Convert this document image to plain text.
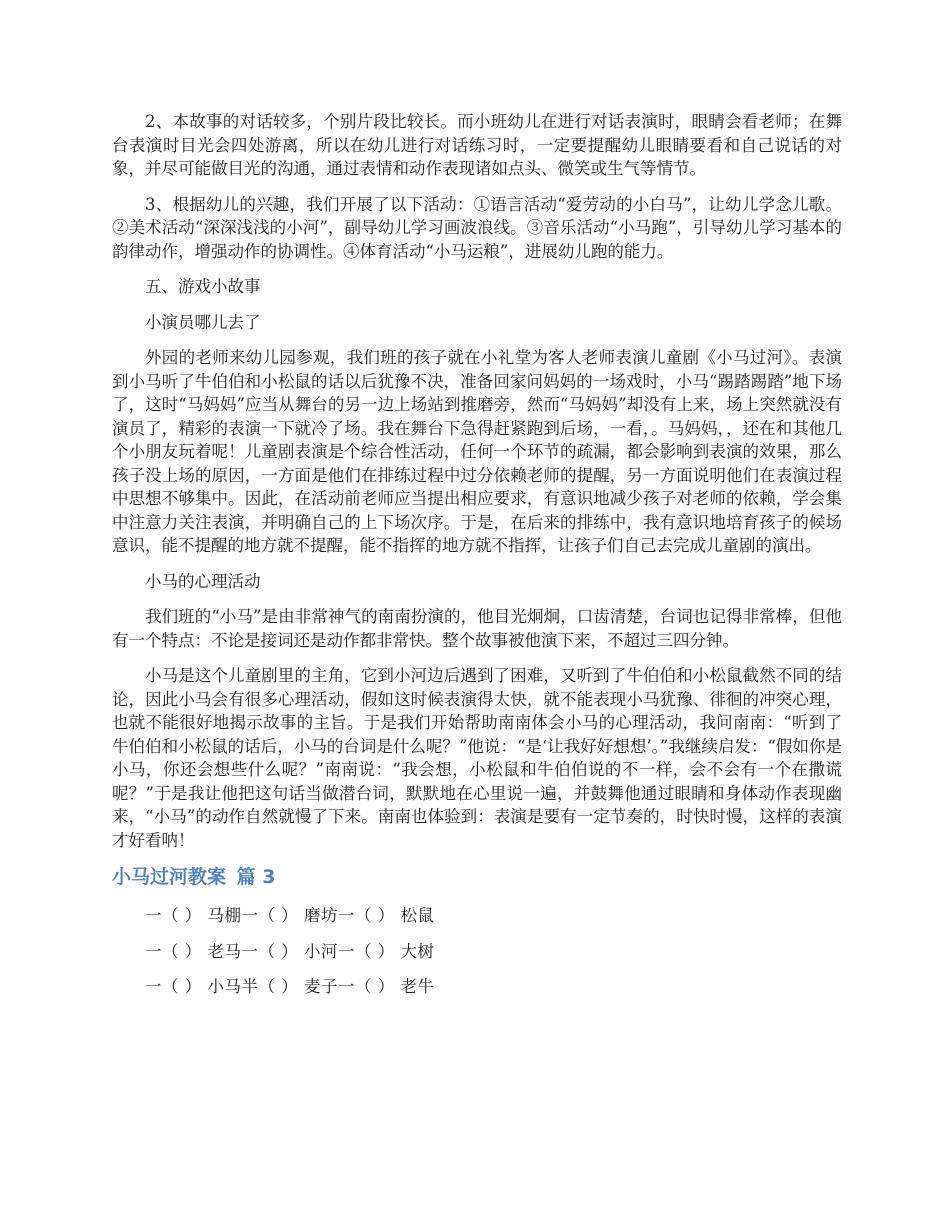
2、本故事的对话较多，个别片段比较长。而小班幼儿在进行对话表演时，眼睛会看老师；在舞台表演时目光会四处游离，所以在幼儿进行对话练习时，一定要提醒幼儿眼睛要看和自己说话的对象，并尽可能做目光的沟通，通过表情和动作表现诸如点头、微笑或生气等情节。

3、根据幼儿的兴趣，我们开展了以下活动：①语言活动“爱劳动的小白马”，让幼儿学念儿歌。②美术活动“深深浅浅的小河”，副导幼儿学习画波浪线。③音乐活动“小马跑”，引导幼儿学习基本的韵律动作，增强动作的协调性。④体育活动“小马运粮”，进展幼儿跑的能力。

五、游戏小故事

小演员哪儿去了

外园的老师来幼儿园参观，我们班的孩子就在小礼堂为客人老师表演儿童剧《小马过河》。表演到小马听了牛伯伯和小松鼠的话以后犹豫不决，准备回家问妈妈的一场戏时，小马“踢踏踢踏”地下场了，这时“马妈妈”应当从舞台的另一边上场站到推磨旁，然而“马妈妈”却没有上来，场上突然就没有演员了，精彩的表演一下就冷了场。我在舞台下急得赶紧跑到后场，一看，。马妈妈，，还在和其他几个小朋友玩着呢！儿童剧表演是个综合性活动，任何一个环节的疏漏，都会影响到表演的效果，那么孩子没上场的原因，一方面是他们在排练过程中过分依赖老师的提醒，另一方面说明他们在表演过程中思想不够集中。因此，在活动前老师应当提出相应要求，有意识地减少孩子对老师的依赖，学会集中注意力关注表演，并明确自己的上下场次序。于是，在后来的排练中，我有意识地培育孩子的候场意识，能不提醒的地方就不提醒，能不指挥的地方就不指挥，让孩子们自己去完成儿童剧的演出。

小马的心理活动

我们班的“小马”是由非常神气的南南扮演的，他目光炯炯，口齿清楚，台词也记得非常棒，但他有一个特点：不论是接词还是动作都非常快。整个故事被他演下来，不超过三四分钟。

小马是这个儿童剧里的主角，它到小河边后遇到了困难，又听到了牛伯伯和小松鼠截然不同的结论，因此小马会有很多心理活动，假如这时候表演得太快，就不能表现小马犹豫、徘徊的冲突心理，也就不能很好地揭示故事的主旨。于是我们开始帮助南南体会小马的心理活动，我问南南：“听到了牛伯伯和小松鼠的话后，小马的台词是什么呢？”他说：“是‘让我好好想想’。”我继续启发：“假如你是小马，你还会想些什么呢？”南南说：“我会想，小松鼠和牛伯伯说的不一样，会不会有一个在撒谎呢？”于是我让他把这句话当做潜台词，默默地在心里说一遍，并鼓舞他通过眼睛和身体动作表现幽来，“小马”的动作自然就慢了下来。南南也体验到：表演是要有一定节奏的，时快时慢，这样的表演才好看呐！

小马过河教案 篇 3

一（ ） 马棚一（ ） 磨坊一（ ） 松鼠

一（ ） 老马一（ ） 小河一（ ） 大树

一（ ） 小马半（ ） 麦子一（ ） 老牛
